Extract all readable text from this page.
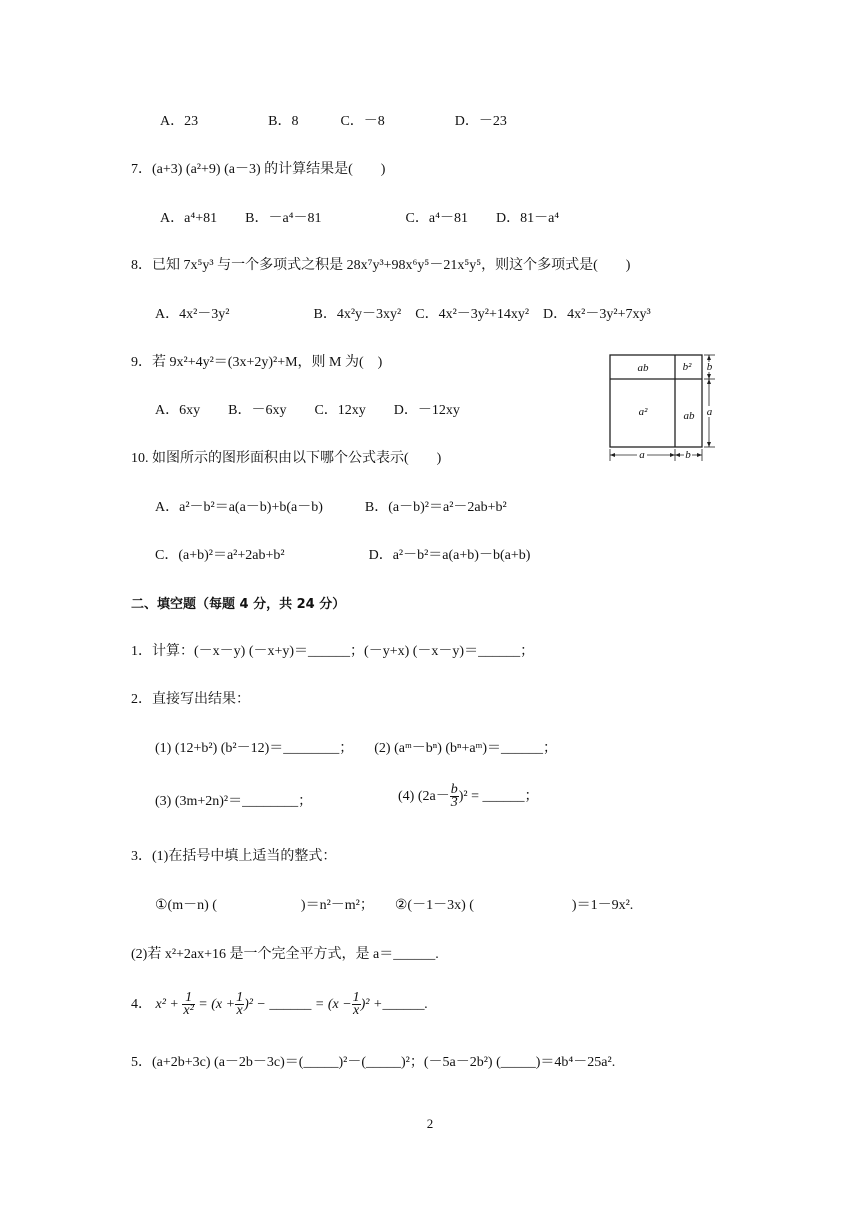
A．23　　　　　B．8　　　C．－8　　　　　D．－23
7．(a+3) (a²+9) (a－3) 的计算结果是(　　)
A．a⁴+81　　B．－a⁴－81　　　　　　C．a⁴－81　　D．81－a⁴
8．已知 7x⁵y³ 与一个多项式之积是 28x⁷y³+98x⁶y⁵－21x⁵y⁵，则这个多项式是(　　)
A．4x²－3y²　　　　　　B．4x²y－3xy²　C．4x²－3y²+14xy²　D．4x²－3y²+7xy³
9．若 9x²+4y²＝(3x+2y)²+M，则 M 为(　)
A．6xy　　B．－6xy　　C．12xy　　D．－12xy
10. 如图所示的图形面积由以下哪个公式表示(　　)
A．a²－b²＝a(a－b)+b(a－b)　　　B．(a－b)²＝a²－2ab+b²
C．(a+b)²＝a²+2ab+b²　　　　　　D．a²－b²＝a(a+b)－b(a+b)
二、填空题（每题 4 分，共 24 分）
1．计算：(－x－y) (－x+y)＝______；(－y+x) (－x－y)＝______；
2．直接写出结果：
(1) (12+b²) (b²－12)＝________；　　(2) (aᵐ－bⁿ) (bⁿ+aᵐ)＝______；
(3) (3m+2n)²＝________；	(4) $(2a- \frac{b}{3} )^2$ = ______；
3．(1)在括号中填上适当的整式：
①(m－n) (　　　　　　)＝n²－m²；　　②(－1－3x) (　　　　　　　)＝1－9x².
(2)若 x²+2ax+16 是一个完全平方式，是 a＝______.
4． $x^2 + \frac{1}{\text{x²}} = (x + \frac{1}{x} )^2$ − ______ = $(x - \frac{1}{x} )^2$ +______.
5．(a+2b+3c) (a－2b－3c)＝(_____)²－(_____)²；(－5a－2b²) (_____)＝4b⁴－25a².
ab	b²
a²	ab
b
a
a	b
2
